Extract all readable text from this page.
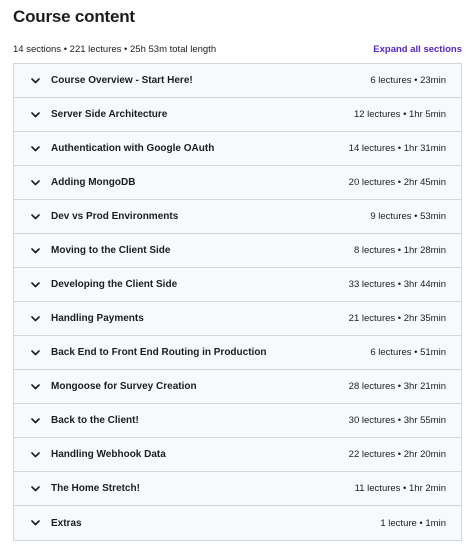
Course content
14 sections • 221 lectures • 25h 53m total length	Expand all sections
Course Overview - Start Here!	6 lectures • 23min
Server Side Architecture	12 lectures • 1hr 5min
Authentication with Google OAuth	14 lectures • 1hr 31min
Adding MongoDB	20 lectures • 2hr 45min
Dev vs Prod Environments	9 lectures • 53min
Moving to the Client Side	8 lectures • 1hr 28min
Developing the Client Side	33 lectures • 3hr 44min
Handling Payments	21 lectures • 2hr 35min
Back End to Front End Routing in Production	6 lectures • 51min
Mongoose for Survey Creation	28 lectures • 3hr 21min
Back to the Client!	30 lectures • 3hr 55min
Handling Webhook Data	22 lectures • 2hr 20min
The Home Stretch!	11 lectures • 1hr 2min
Extras	1 lecture • 1min
